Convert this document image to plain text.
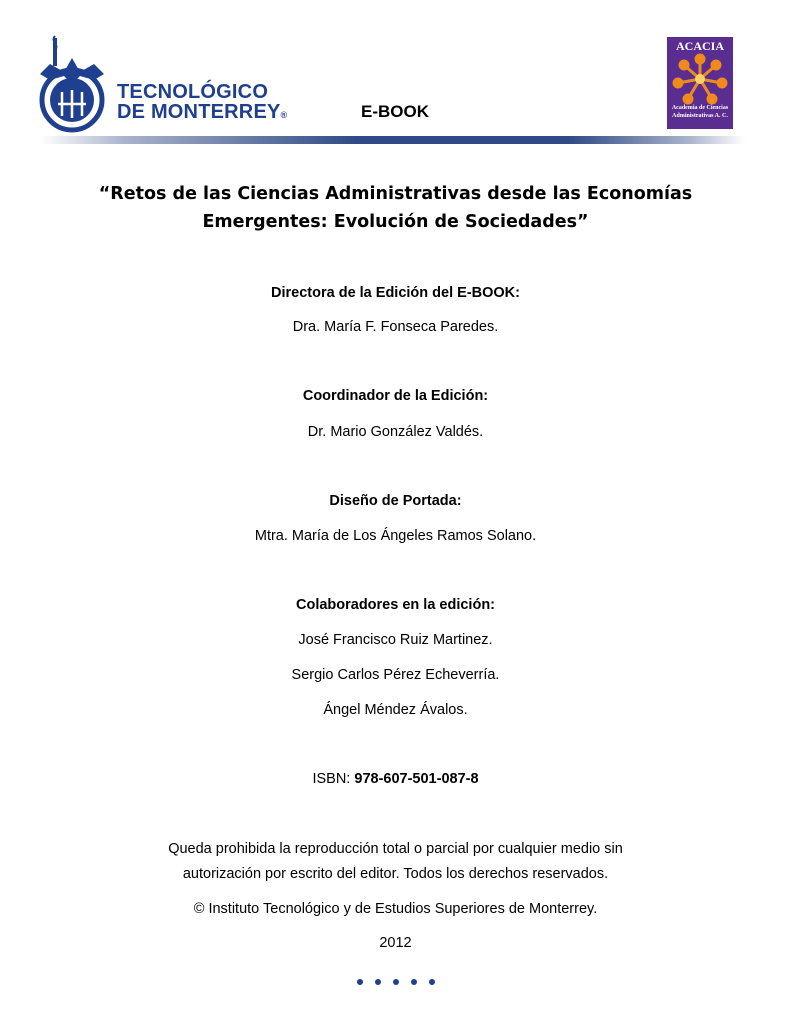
TECNOLÓGICO
DE MONTERREY®	E-BOOK
ACACIA
Academia de Ciencias
Administrativas A. C.
“Retos de las Ciencias Administrativas desde las Economías
Emergentes: Evolución de Sociedades”
Directora de la Edición del E-BOOK:
Dra. María F. Fonseca Paredes.
Coordinador de la Edición:
Dr. Mario González Valdés.
Diseño de Portada:
Mtra. María de Los Ángeles Ramos Solano.
Colaboradores en la edición:
José Francisco Ruiz Martinez.
Sergio Carlos Pérez Echeverría.
Ángel Méndez Ávalos.
ISBN: 978-607-501-087-8
Queda prohibida la reproducción total o parcial por cualquier medio sin
autorización por escrito del editor. Todos los derechos reservados.
© Instituto Tecnológico y de Estudios Superiores de Monterrey.
2012
